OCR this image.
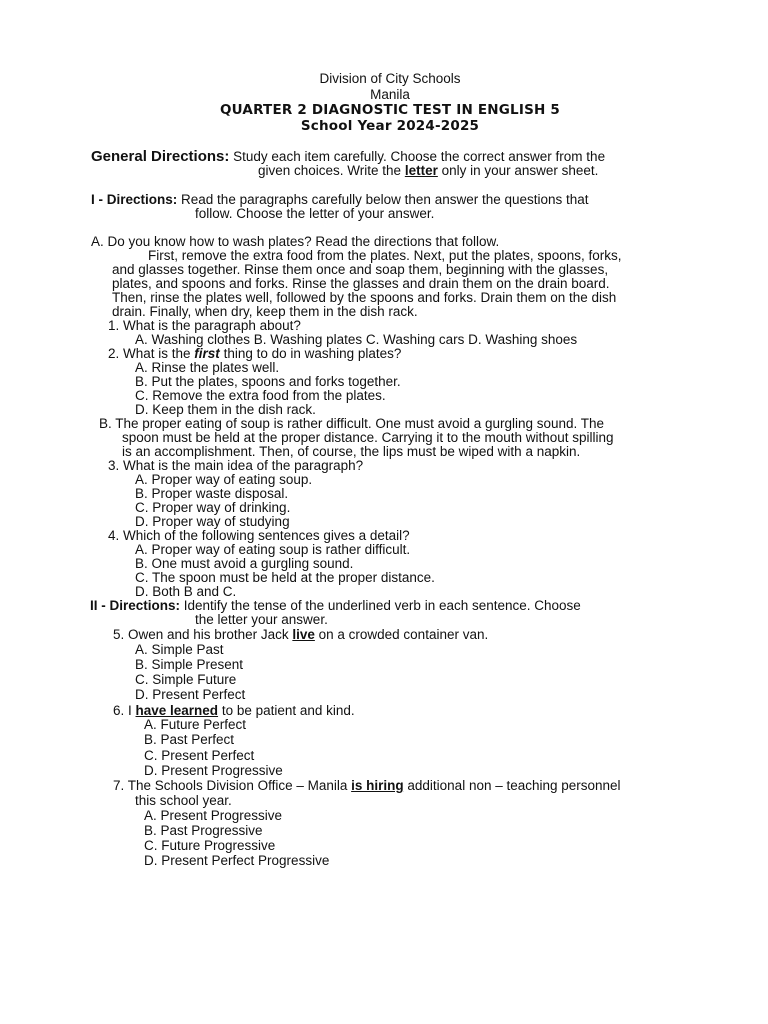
Division of City Schools
Manila
QUARTER 2 DIAGNOSTIC TEST IN ENGLISH 5
School Year 2024-2025
General Directions: Study each item carefully. Choose the correct answer from the
given choices. Write the letter only in your answer sheet.
I - Directions: Read the paragraphs carefully below then answer the questions that
follow. Choose the letter of your answer.
A. Do you know how to wash plates? Read the directions that follow.
First, remove the extra food from the plates. Next, put the plates, spoons, forks,
and glasses together. Rinse them once and soap them, beginning with the glasses,
plates, and spoons and forks. Rinse the glasses and drain them on the drain board.
Then, rinse the plates well, followed by the spoons and forks. Drain them on the dish
drain. Finally, when dry, keep them in the dish rack.
1. What is the paragraph about?
A. Washing clothes B. Washing plates C. Washing cars D. Washing shoes
2. What is the first thing to do in washing plates?
A. Rinse the plates well.
B. Put the plates, spoons and forks together.
C. Remove the extra food from the plates.
D. Keep them in the dish rack.
B. The proper eating of soup is rather difficult. One must avoid a gurgling sound. The
spoon must be held at the proper distance. Carrying it to the mouth without spilling
is an accomplishment. Then, of course, the lips must be wiped with a napkin.
3. What is the main idea of the paragraph?
A. Proper way of eating soup.
B. Proper waste disposal.
C. Proper way of drinking.
D. Proper way of studying
4. Which of the following sentences gives a detail?
A. Proper way of eating soup is rather difficult.
B. One must avoid a gurgling sound.
C. The spoon must be held at the proper distance.
D. Both B and C.
II - Directions: Identify the tense of the underlined verb in each sentence. Choose
the letter your answer.
5. Owen and his brother Jack live on a crowded container van.
A. Simple Past
B. Simple Present
C. Simple Future
D. Present Perfect
6. I have learned to be patient and kind.
A. Future Perfect
B. Past Perfect
C. Present Perfect
D. Present Progressive
7. The Schools Division Office – Manila is hiring additional non – teaching personnel
this school year.
A. Present Progressive
B. Past Progressive
C. Future Progressive
D. Present Perfect Progressive
